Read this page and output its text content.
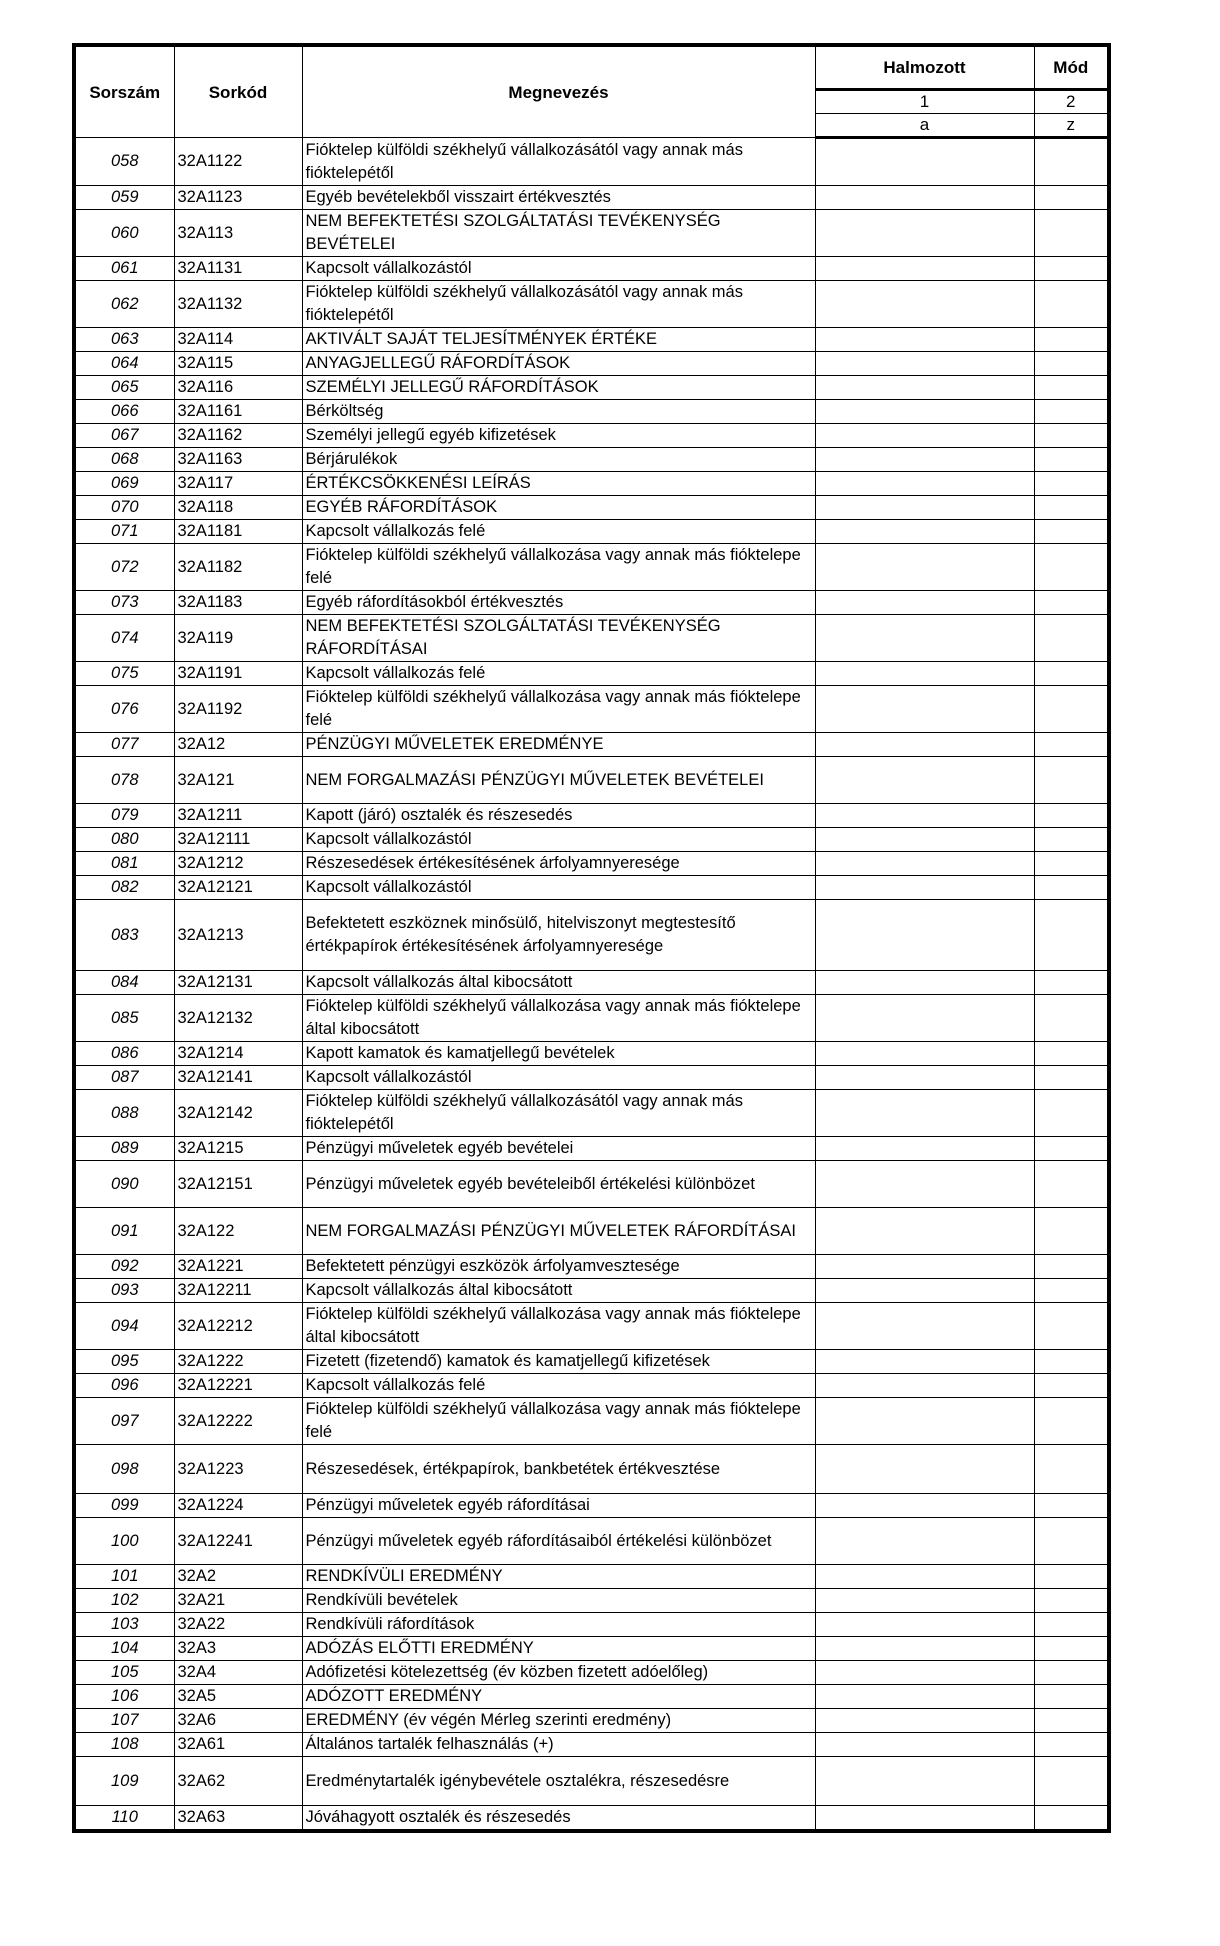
Sorszám	Sorkód	Megnevezés	Halmozott	Mód
			1	2
			a	z
058	32A1122	Fióktelep külföldi székhelyű vállalkozásától vagy annak más fióktelepétől		
059	32A1123	Egyéb bevételekből visszairt értékvesztés		
060	32A113	NEM BEFEKTETÉSI SZOLGÁLTATÁSI TEVÉKENYSÉG BEVÉTELEI		
061	32A1131	Kapcsolt vállalkozástól		
062	32A1132	Fióktelep külföldi székhelyű vállalkozásától vagy annak más fióktelepétől		
063	32A114	AKTIVÁLT SAJÁT TELJESÍTMÉNYEK ÉRTÉKE		
064	32A115	ANYAGJELLEGŰ RÁFORDÍTÁSOK		
065	32A116	SZEMÉLYI JELLEGŰ RÁFORDÍTÁSOK		
066	32A1161	Bérköltség		
067	32A1162	Személyi jellegű egyéb kifizetések		
068	32A1163	Bérjárulékok		
069	32A117	ÉRTÉKCSÖKKENÉSI LEÍRÁS		
070	32A118	EGYÉB RÁFORDÍTÁSOK		
071	32A1181	Kapcsolt vállalkozás felé		
072	32A1182	Fióktelep külföldi székhelyű vállalkozása vagy annak más fióktelepe felé		
073	32A1183	Egyéb ráfordításokból értékvesztés		
074	32A119	NEM BEFEKTETÉSI SZOLGÁLTATÁSI TEVÉKENYSÉG RÁFORDÍTÁSAI		
075	32A1191	Kapcsolt vállalkozás felé		
076	32A1192	Fióktelep külföldi székhelyű vállalkozása vagy annak más fióktelepe felé		
077	32A12	PÉNZÜGYI MŰVELETEK EREDMÉNYE		
078	32A121	NEM FORGALMAZÁSI PÉNZÜGYI MŰVELETEK BEVÉTELEI		
079	32A1211	Kapott (járó) osztalék és részesedés		
080	32A12111	Kapcsolt vállalkozástól		
081	32A1212	Részesedések értékesítésének árfolyamnyeresége		
082	32A12121	Kapcsolt vállalkozástól		
083	32A1213	Befektetett eszköznek minősülő, hitelviszonyt megtestesítő értékpapírok értékesítésének árfolyamnyeresége		
084	32A12131	Kapcsolt vállalkozás által kibocsátott		
085	32A12132	Fióktelep külföldi székhelyű vállalkozása vagy annak más fióktelepe által kibocsátott		
086	32A1214	Kapott kamatok és kamatjellegű bevételek		
087	32A12141	Kapcsolt vállalkozástól		
088	32A12142	Fióktelep külföldi székhelyű vállalkozásától vagy annak más fióktelepétől		
089	32A1215	Pénzügyi műveletek egyéb bevételei		
090	32A12151	Pénzügyi műveletek egyéb bevételeiből értékelési különbözet		
091	32A122	NEM FORGALMAZÁSI PÉNZÜGYI MŰVELETEK RÁFORDÍTÁSAI		
092	32A1221	Befektetett pénzügyi eszközök árfolyamvesztesége		
093	32A12211	Kapcsolt vállalkozás által kibocsátott		
094	32A12212	Fióktelep külföldi székhelyű vállalkozása vagy annak más fióktelepe által kibocsátott		
095	32A1222	Fizetett (fizetendő) kamatok és kamatjellegű kifizetések		
096	32A12221	Kapcsolt vállalkozás felé		
097	32A12222	Fióktelep külföldi székhelyű vállalkozása vagy annak más fióktelepe felé		
098	32A1223	Részesedések, értékpapírok, bankbetétek értékvesztése		
099	32A1224	Pénzügyi műveletek egyéb ráfordításai		
100	32A12241	Pénzügyi műveletek egyéb ráfordításaiból értékelési különbözet		
101	32A2	RENDKÍVÜLI EREDMÉNY		
102	32A21	Rendkívüli bevételek		
103	32A22	Rendkívüli ráfordítások		
104	32A3	ADÓZÁS ELŐTTI EREDMÉNY		
105	32A4	Adófizetési kötelezettség (év közben fizetett adóelőleg)		
106	32A5	ADÓZOTT EREDMÉNY		
107	32A6	EREDMÉNY (év végén Mérleg szerinti eredmény)		
108	32A61	Általános tartalék felhasználás (+)		
109	32A62	Eredménytartalék igénybevétele osztalékra, részesedésre		
110	32A63	Jóváhagyott osztalék és részesedés		
